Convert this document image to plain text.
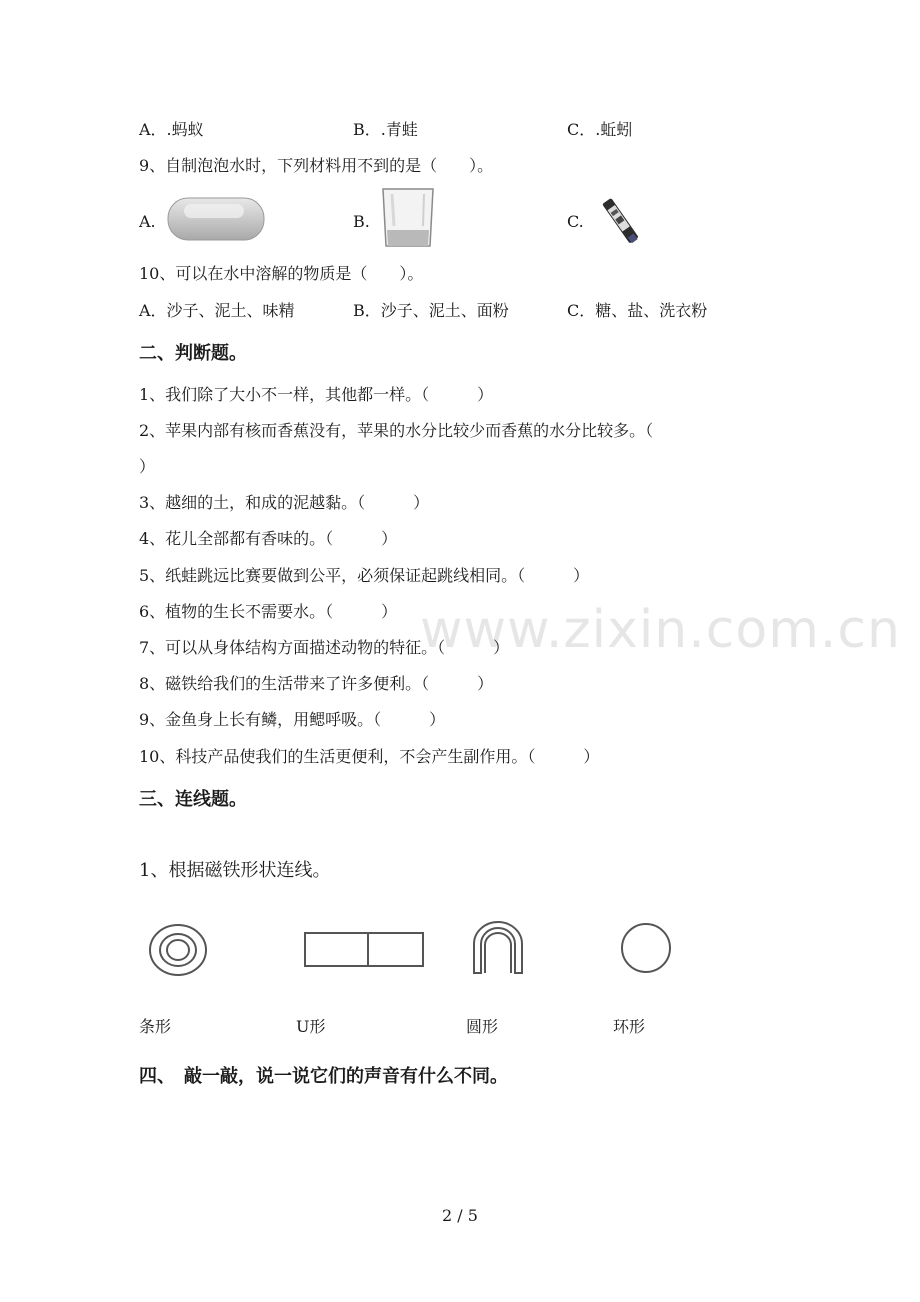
www.zixin.com.cn
A．.蚂蚁	B．.青蛙	C．.蚯蚓
9、自制泡泡水时，下列材料用不到的是（　　）。
A.	B.	C.
10、可以在水中溶解的物质是（　　）。
A．沙子、泥土、味精	B．沙子、泥土、面粉	C．糖、盐、洗衣粉
二、判断题。
1、我们除了大小不一样，其他都一样。（　　　）
2、苹果内部有核而香蕉没有，苹果的水分比较少而香蕉的水分比较多。（
）
3、越细的土，和成的泥越黏。（　　　）
4、花儿全部都有香味的。（　　　）
5、纸蛙跳远比赛要做到公平，必须保证起跳线相同。（　　　）
6、植物的生长不需要水。（　　　）
7、可以从身体结构方面描述动物的特征。（　　　）
8、磁铁给我们的生活带来了许多便利。（　　　）
9、金鱼身上长有鳞，用鳃呼吸。（　　　）
10、科技产品使我们的生活更便利，不会产生副作用。（　　　）
三、连线题。
1、根据磁铁形状连线。
条形	U形	圆形	环形
四、　敲一敲，说一说它们的声音有什么不同。
2 / 5
